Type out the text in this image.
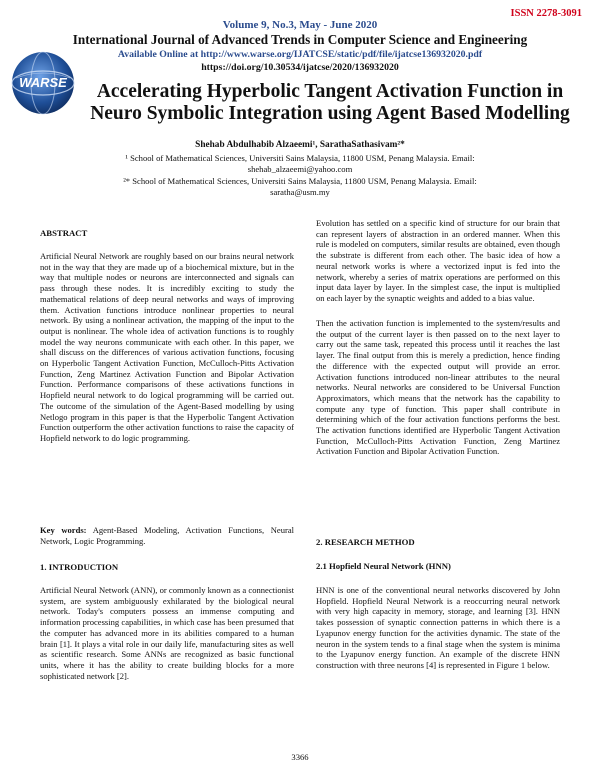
ISSN 2278-3091
Volume 9, No.3, May - June 2020
International Journal of Advanced Trends in Computer Science and Engineering
Available Online at http://www.warse.org/IJATCSE/static/pdf/file/ijatcse136932020.pdf
https://doi.org/10.30534/ijatcse/2020/136932020
WARSE	Accelerating Hyperbolic Tangent Activation Function in
Neuro Symbolic Integration using Agent Based Modelling
Shehab Abdulhabib Alzaeemi¹, SarathaSathasivam²*
¹ School of Mathematical Sciences, Universiti Sains Malaysia, 11800 USM, Penang Malaysia. Email:
shehab_alzaeemi@yahoo.com
²* School of Mathematical Sciences, Universiti Sains Malaysia, 11800 USM, Penang Malaysia. Email:
saratha@usm.my
ABSTRACT

Artificial Neural Network are roughly based on our brains neural network not in the way that they are made up of a biochemical mixture, but in the way that multiple nodes or neurons are interconnected and signals can pass through these nodes. It is incredibly exciting to study the mathematical relations of deep neural networks and ways of improving them. Activation functions introduce nonlinear properties to neural network. By using a nonlinear activation, the mapping of the input to the output is nonlinear. The whole idea of activation functions is to roughly model the way neurons communicate with each other. In this paper, we shall discuss on the differences of various activation functions, focusing on Hyperbolic Tangent Activation Function, McCulloch-Pitts Activation Function, Zeng Martinez Activation Function and Bipolar Activation Function. Performance comparisons of these activations functions in Hopfield neural network to do logical programming will be carried out. The outcome of the simulation of the Agent-Based modelling by using Netlogo program in this paper is that the Hyperbolic Tangent Activation Function outperform the other activation functions to raise the capacity of Hopfield network to do logic programming.

Key words: Agent-Based Modeling, Activation Functions, Neural Network, Logic Programming.

1. INTRODUCTION

Artificial Neural Network (ANN), or commonly known as a connectionist system, are system ambiguously exhilarated by the biological neural network. Today's computers possess an immense computing and information processing capabilities, in which case has been presumed that the computer has advanced more in its abilities compared to a human brain [1]. It plays a vital role in our daily life, manufacturing sites as well as scientific research. Some ANNs are recognized as basic functional units, where it has the ability to create building blocks for a more sophisticated network [2].

Evolution has settled on a specific kind of structure for our brain that can represent layers of abstraction in an ordered manner. When this rule is modeled on computers, similar results are obtained, even though the substrate is different from each other. The basic idea of how a neural network works is where a vectorized input is fed into the network, whereby a series of matrix operations are performed on this input data layer by layer. In the simplest case, the input is multiplied on each layer by the synaptic weights and added to a bias value.

Then the activation function is implemented to the system/results and the output of the current layer is then passed on to the next layer to carry out the same task, repeated this process until it reaches the last layer. The final output from this is merely a prediction, hence finding the difference with the expected output will provide an error. Activation functions introduced non-linear attributes to the neural networks. Neural networks are considered to be Universal Function Approximators, which means that the network has the capability to compute any type of function. This paper shall contribute in determining which of the four activation functions performs the best. The activation functions identified are Hyperbolic Tangent Activation Function, McCulloch-Pitts Activation Function, Zeng Martinez Activation Function and Bipolar Activation Function.

2. RESEARCH METHOD
2.1 Hopfield Neural Network (HNN)

HNN is one of the conventional neural networks discovered by John Hopfield. Hopfield Neural Network is a reoccurring neural network with very high capacity in memory, storage, and learning [3]. HNN takes possession of synaptic connection patterns in which there is a Lyapunov energy function for the activities dynamic. The state of the neuron in the system tends to a final stage when the system is minima to the Lyapunov energy function. An example of the discrete HNN construction with three neurons [4] is represented in Figure 1 below.

3366
